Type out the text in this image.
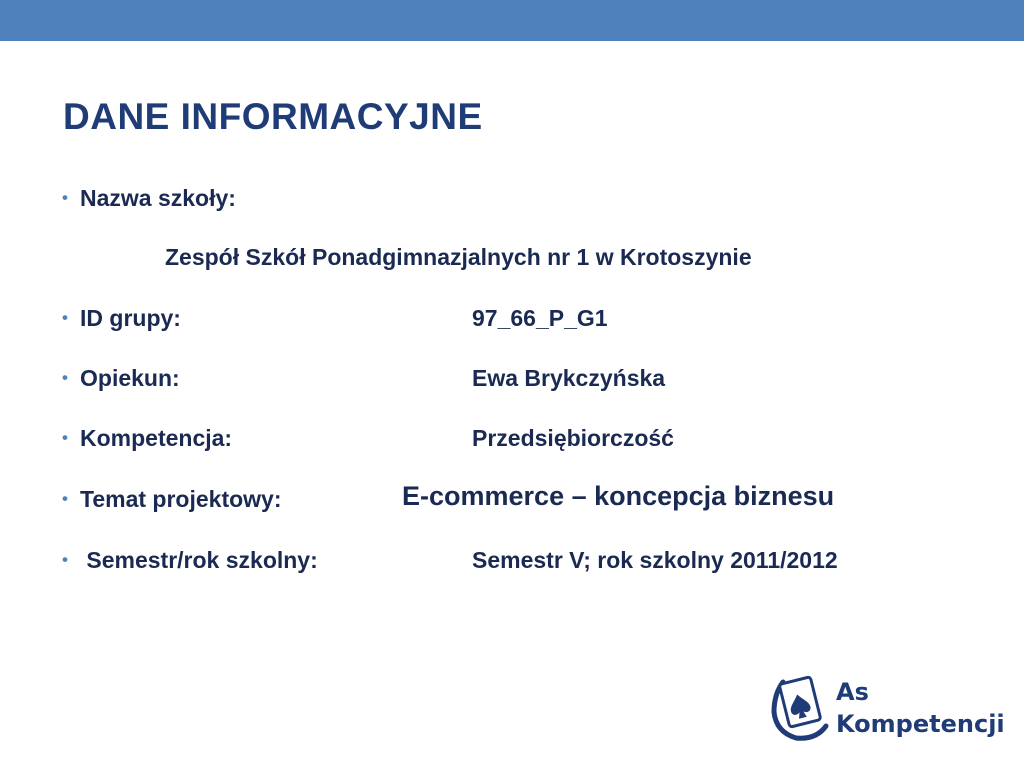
DANE INFORMACYJNE
• Nazwa szkoły:
Zespół Szkół Ponadgimnazjalnych nr 1 w Krotoszynie
• ID grupy:	97_66_P_G1
• Opiekun:	Ewa Brykczyńska
• Kompetencja:	Przedsiębiorczość
• Temat projektowy:	E-commerce – koncepcja biznesu
• Semestr/rok szkolny:	Semestr V; rok szkolny 2011/2012
As
Kompetencji
